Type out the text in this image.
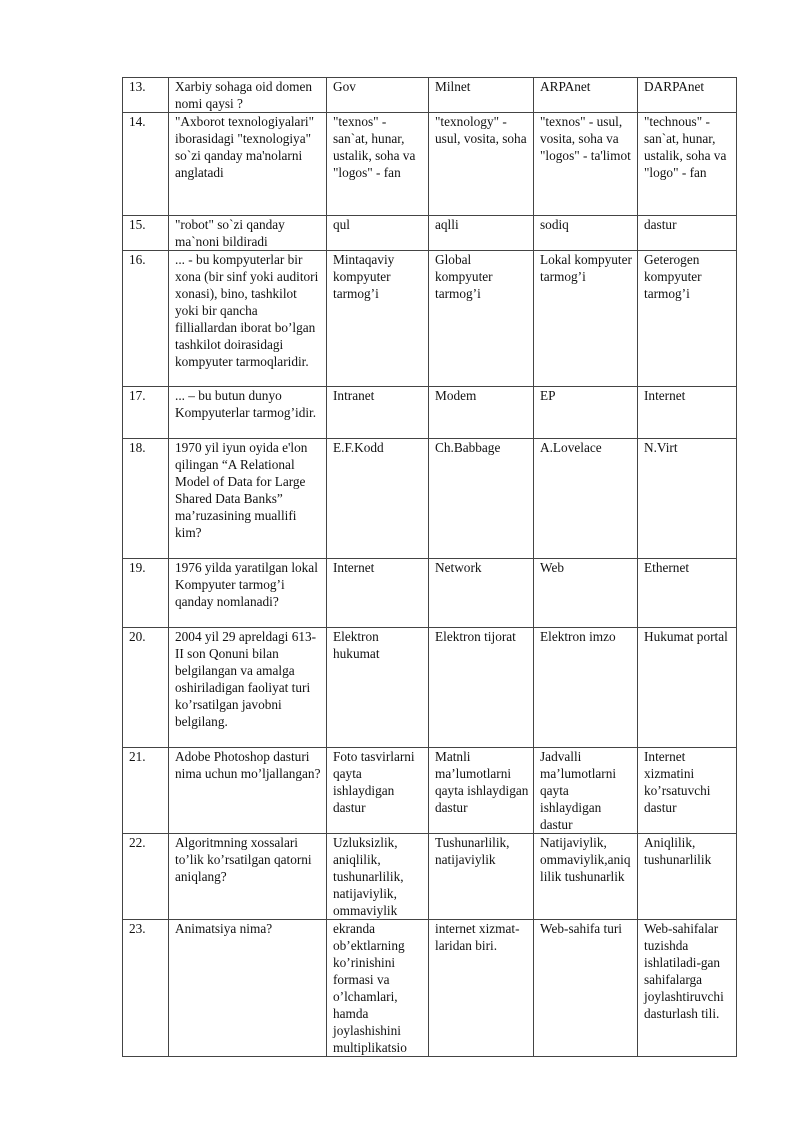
13.	Xarbiy sohaga oid domen nomi qaysi ?	Gov	Milnet	ARPAnet	DARPAnet
14.	"Axborot texnologiyalari" iborasidagi "texnologiya" so`zi qanday ma'nolarni anglatadi	"texnos" - san`at, hunar, ustalik, soha va "logos" - fan	"texnology" - usul, vosita, soha	"texnos" - usul, vosita, soha va "logos" - ta'limot	"technous" - san`at, hunar, ustalik, soha va "logo" - fan
15.	"robot" so`zi qanday ma`noni bildiradi	qul	aqlli	sodiq	dastur
16.	... - bu kompyuterlar bir xona (bir sinf yoki auditori xonasi), bino, tashkilot yoki bir qancha filliallardan iborat bo’lgan tashkilot doirasidagi kompyuter tarmoqlaridir.	Mintaqaviy kompyuter tarmog’i	Global kompyuter tarmog’i	Lokal kompyuter tarmog’i	Geterogen kompyuter tarmog’i
17.	... – bu butun dunyo Kompyuterlar tarmog’idir.	Intranet	Modem	EP	Internet
18.	1970 yil iyun oyida e'lon qilingan “A Relational Model of Data for Large Shared Data Banks” ma’ruzasining muallifi kim?	E.F.Kodd	Ch.Babbage	A.Lovelace	N.Virt
19.	1976 yilda yaratilgan lokal Kompyuter tarmog’i qanday nomlanadi?	Internet	Network	Web	Ethernet
20.	2004 yil 29 apreldagi 613-II son Qonuni bilan belgilangan va amalga oshiriladigan faoliyat turi ko’rsatilgan javobni belgilang.	Elektron hukumat	Elektron tijorat	Elektron imzo	Hukumat portal
21.	Adobe Photoshop dasturi nima uchun mo’ljallangan?	Foto tasvirlarni qayta ishlaydigan dastur	Matnli ma’lumotlarni qayta ishlaydigan dastur	Jadvalli ma’lumotlarni qayta ishlaydigan dastur	Internet xizmatini ko’rsatuvchi dastur
22.	Algoritmning xossalari to’lik ko’rsatilgan qatorni aniqlang?	Uzluksizlik, aniqlilik, tushunarlilik, natijaviylik, ommaviylik	Tushunarlilik, natijaviylik	Natijaviylik, ommaviylik,aniqlilik tushunarlik	Aniqlilik, tushunarlilik
23.	Animatsiya nima?	ekranda ob’ektlarning ko’rinishini formasi va o’lchamlari, hamda joylashishini multiplikatsio	internet xizmat-laridan biri.	Web-sahifa turi	Web-sahifalar tuzishda ishlatiladi-gan sahifalarga joylashtiruvchi dasturlash tili.
